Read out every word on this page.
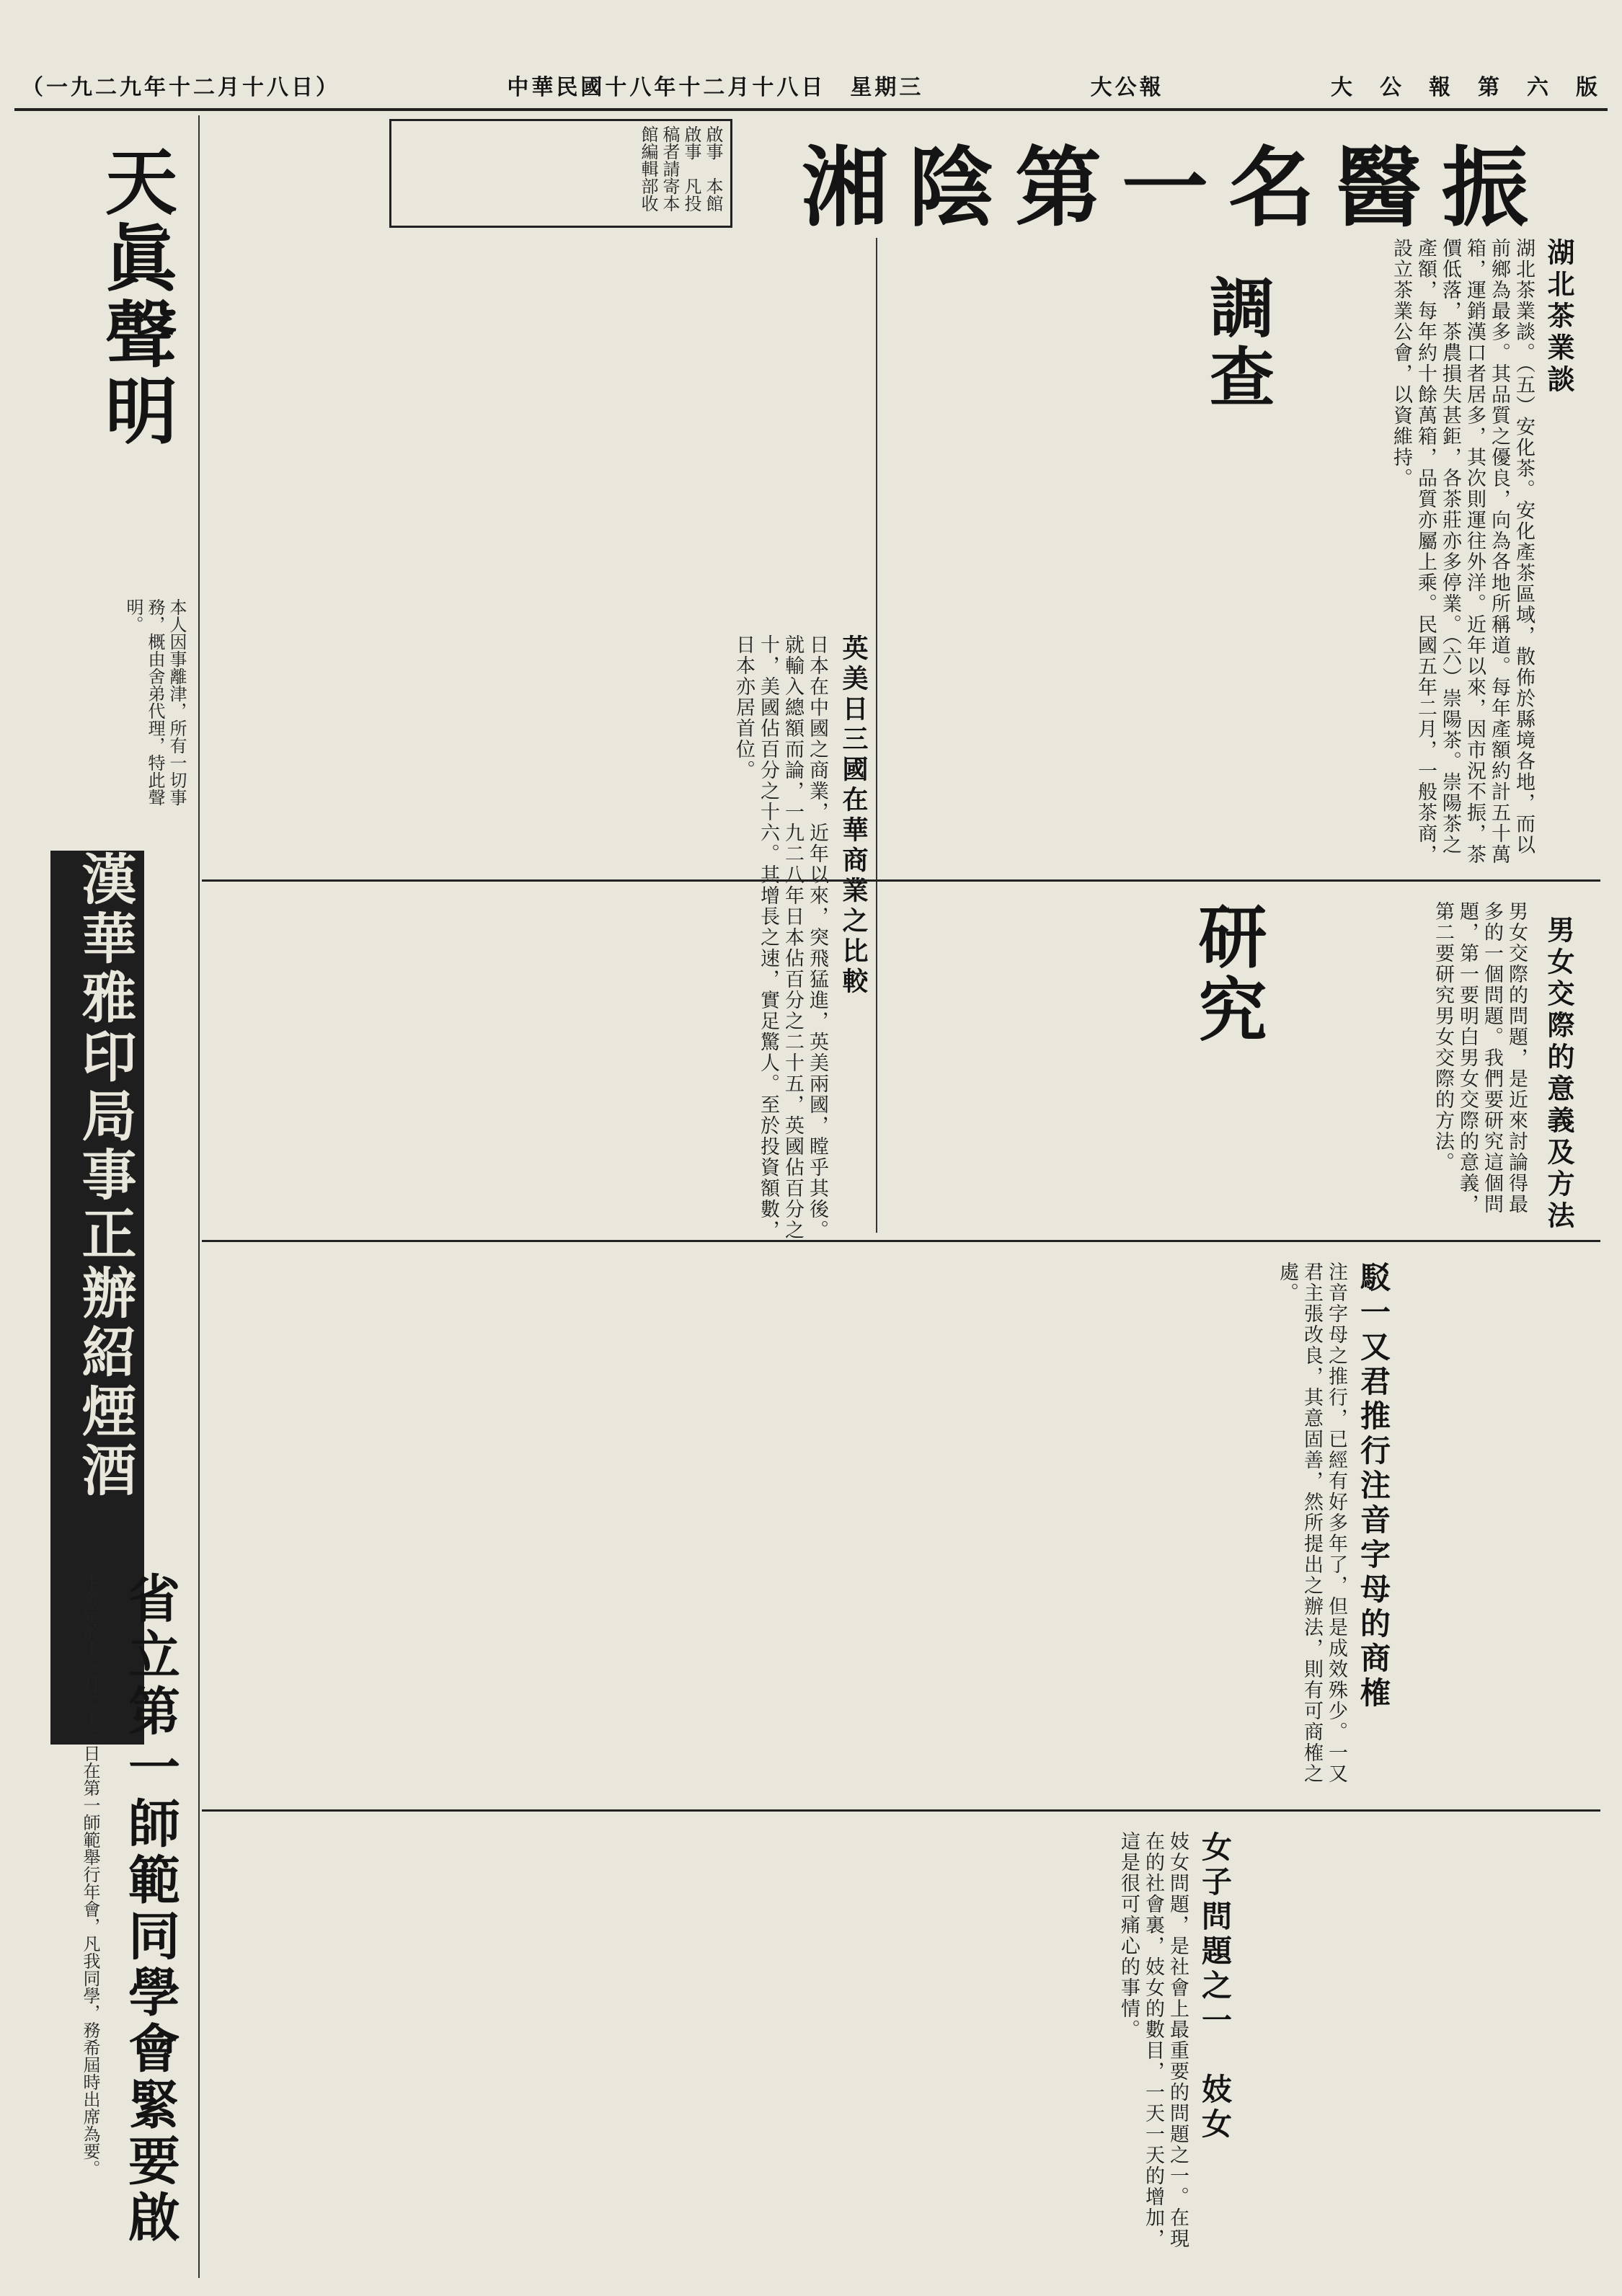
（一九二九年十二月十八日）	中華民國十八年十二月十八日　星期三	大公報	大　公　報　第　六　版
湘陰第一名醫振
調查	湖北茶業談
湖北茶業談。（五）安化茶。安化產茶區域，散佈於縣境各地，而以前鄉為最多。其品質之優良，向為各地所稱道。每年產額約計五十萬箱，運銷漢口者居多，其次則運往外洋。近年以來，因市況不振，茶價低落，茶農損失甚鉅，各茶莊亦多停業。（六）崇陽茶。崇陽茶之產額，每年約十餘萬箱，品質亦屬上乘。民國五年二月，一般茶商，設立茶業公會，以資維持。
英美日三國在華商業之比較
日本在中國之商業，近年以來，突飛猛進，英美兩國，瞠乎其後。就輸入總額而論，一九二八年日本佔百分之二十五，英國佔百分之十，美國佔百分之十六。其增長之速，實足驚人。至於投資額數，日本亦居首位。
研究	男女交際的意義及方法
男女交際的問題，是近來討論得最多的一個問題。我們要研究這個問題，第一要明白男女交際的意義，第二要研究男女交際的方法。
駁一又君推行注音字母的商榷
注音字母之推行，已經有好多年了，但是成效殊少。一又君主張改良，其意固善，然所提出之辦法，則有可商榷之處。
女子問題之一　妓女
妓女問題，是社會上最重要的問題之一。在現在的社會裏，妓女的數目，一天一天的增加，這是很可痛心的事情。
啟事　本館啟事　凡投稿者請寄本館編輯部收
天眞聲明
本人因事離津，所有一切事務，概由舍弟代理，特此聲明。
漢華雅印局事正辦紹煙酒
省立第一師範同學會緊要啟
本會定於十一月二十三日在第一師範舉行年會，凡我同學，務希屆時出席為要。
